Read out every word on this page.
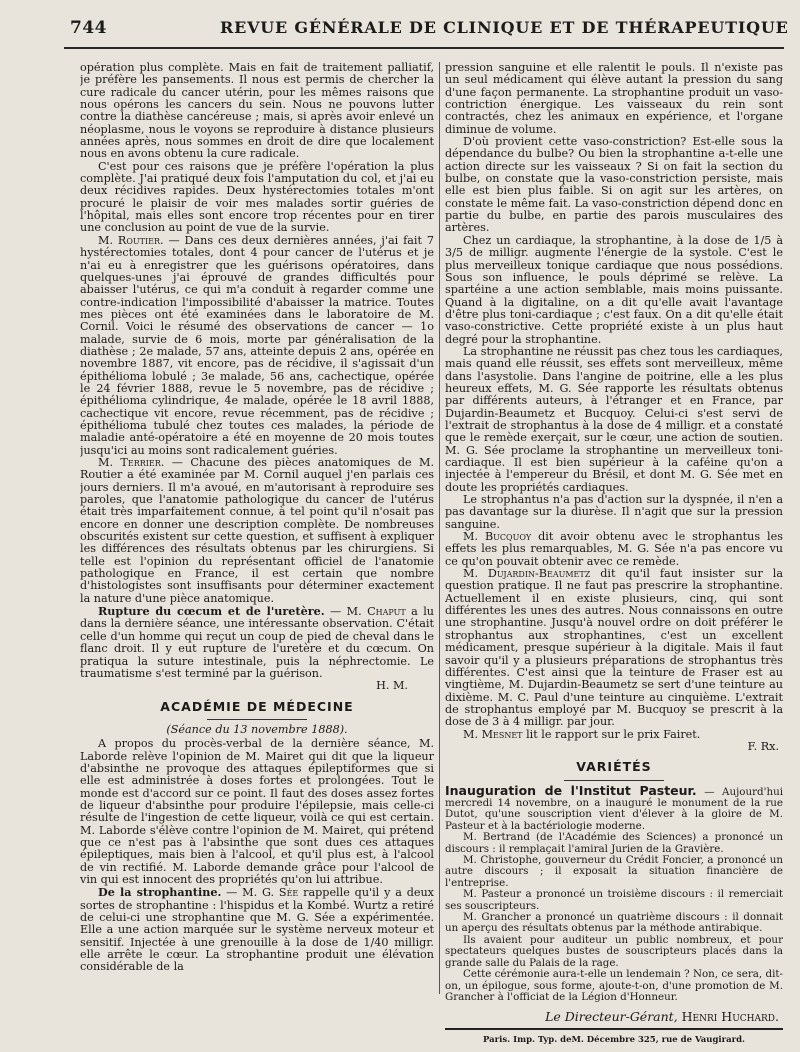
744	REVUE GÉNÉRALE DE CLINIQUE ET DE THÉRAPEUTIQUE

opération plus complète. Mais en fait de traitement palliatif, je préfère les pansements. Il nous est permis de chercher la cure radicale du cancer utérin, pour les mêmes raisons que nous opérons les cancers du sein. Nous ne pouvons lutter contre la diathèse cancéreuse ; mais, si après avoir enlevé un néoplasme, nous le voyons se reproduire à distance plusieurs années après, nous sommes en droit de dire que localement nous en avons obtenu la cure radicale.

C'est pour ces raisons que je préfère l'opération la plus complète. J'ai pratiqué deux fois l'amputation du col, et j'ai eu deux récidives rapides. Deux hystérectomies totales m'ont procuré le plaisir de voir mes malades sortir guéries de l'hôpital, mais elles sont encore trop récentes pour en tirer une conclusion au point de vue de la survie.

M. Routier. — Dans ces deux dernières années, j'ai fait 7 hystérectomies totales, dont 4 pour cancer de l'utérus et je n'ai eu à enregistrer que les guérisons opératoires, dans quelques-unes j'ai éprouvé de grandes difficultés pour abaisser l'utérus, ce qui m'a conduit à regarder comme une contre-indication l'impossibilité d'abaisser la matrice. Toutes mes pièces ont été examinées dans le laboratoire de M. Cornil. Voici le résumé des observations de cancer — 1o malade, survie de 6 mois, morte par généralisation de la diathèse ; 2e malade, 57 ans, atteinte depuis 2 ans, opérée en novembre 1887, vit encore, pas de récidive, il s'agissait d'un épithélioma lobulé ; 3e malade, 56 ans, cachectique, opérée le 24 février 1888, revue le 5 novembre, pas de récidive ; épithélioma cylindrique, 4e malade, opérée le 18 avril 1888, cachectique vit encore, revue récemment, pas de récidive ; épithélioma tubulé chez toutes ces malades, la période de maladie anté-opératoire a été en moyenne de 20 mois toutes jusqu'ici au moins sont radicalement guéries.

M. Terrier. — Chacune des pièces anatomiques de M. Routier a été examinée par M. Cornil auquel j'en parlais ces jours derniers. Il m'a avoué, en m'autorisant à reproduire ses paroles, que l'anatomie pathologique du cancer de l'utérus était très imparfaitement connue, à tel point qu'il n'osait pas encore en donner une description complète. De nombreuses obscurités existent sur cette question, et suffisent à expliquer les différences des résultats obtenus par les chirurgiens. Si telle est l'opinion du représentant officiel de l'anatomie pathologique en France, il est certain que nombre d'histologistes sont insuffisants pour déterminer exactement la nature d'une pièce anatomique.

Rupture du cœcum et de l'uretère. — M. Chaput a lu dans la dernière séance, une intéressante observation. C'était celle d'un homme qui reçut un coup de pied de cheval dans le flanc droit. Il y eut rupture de l'uretère et du cœcum. On pratiqua la suture intestinale, puis la néphrectomie. Le traumatisme s'est terminé par la guérison.

H. M.
ACADÉMIE DE MÉDECINE
(Séance du 13 novembre 1888).

A propos du procès-verbal de la dernière séance, M. Laborde relève l'opinion de M. Mairet qui dit que la liqueur d'absinthe ne provoque des attaques épileptiformes que si elle est administrée à doses fortes et prolongées. Tout le monde est d'accord sur ce point. Il faut des doses assez fortes de liqueur d'absinthe pour produire l'épilepsie, mais celle-ci résulte de l'ingestion de cette liqueur, voilà ce qui est certain. M. Laborde s'élève contre l'opinion de M. Mairet, qui prétend que ce n'est pas à l'absinthe que sont dues ces attaques épileptiques, mais bien à l'alcool, et qu'il plus est, à l'alcool de vin rectifié. M. Laborde demande grâce pour l'alcool de vin qui est innocent des propriétés qu'on lui attribue.

De la strophantine. — M. G. Sée rappelle qu'il y a deux sortes de strophantine : l'hispidus et la Kombé. Wurtz a retiré de celui-ci une strophantine que M. G. Sée a expérimentée. Elle a une action marquée sur le système nerveux moteur et sensitif. Injectée à une grenouille à la dose de 1/40 milligr. elle arrête le cœur. La strophantine produit une élévation considérable de la

pression sanguine et elle ralentit le pouls. Il n'existe pas un seul médicament qui élève autant la pression du sang d'une façon permanente. La strophantine produit un vaso-contriction énergique. Les vaisseaux du rein sont contractés, chez les animaux en expérience, et l'organe diminue de volume.

D'où provient cette vaso-constriction? Est-elle sous la dépendance du bulbe? Ou bien la strophantine a-t-elle une action directe sur les vaisseaux ? Si on fait la section du bulbe, on constate que la vaso-constriction persiste, mais elle est bien plus faible. Si on agit sur les artères, on constate le même fait. La vaso-constriction dépend donc en partie du bulbe, en partie des parois musculaires des artères.

Chez un cardiaque, la strophantine, à la dose de 1/5 à 3/5 de milligr. augmente l'énergie de la systole. C'est le plus merveilleux tonique cardiaque que nous possédions. Sous son influence, le pouls déprimé se relève. La spartéine a une action semblable, mais moins puissante. Quand à la digitaline, on a dit qu'elle avait l'avantage d'être plus toni-cardiaque ; c'est faux. On a dit qu'elle était vaso-constrictive. Cette propriété existe à un plus haut degré pour la strophantine.

La strophantine ne réussit pas chez tous les cardiaques, mais quand elle réussit, ses effets sont merveilleux, même dans l'asystolie. Dans l'angine de poitrine, elle a les plus heureux effets, M. G. Sée rapporte les résultats obtenus par différents auteurs, à l'étranger et en France, par Dujardin-Beaumetz et Bucquoy. Celui-ci s'est servi de l'extrait de strophantus à la dose de 4 milligr. et a constaté que le remède exerçait, sur le cœur, une action de soutien. M. G. Sée proclame la strophantine un merveilleux toni-cardiaque. Il est bien supérieur à la caféine qu'on a injectée à l'empereur du Brésil, et dont M. G. Sée met en doute les propriétés cardiaques.

Le strophantus n'a pas d'action sur la dyspnée, il n'en a pas davantage sur la diurèse. Il n'agit que sur la pression sanguine.

M. Bucquoy dit avoir obtenu avec le strophantus les effets les plus remarquables, M. G. Sée n'a pas encore vu ce qu'on pouvait obtenir avec ce remède.

M. Dujardin-Beaumetz dit qu'il faut insister sur la question pratique. Il ne faut pas prescrire la strophantine. Actuellement il en existe plusieurs, cinq, qui sont différentes les unes des autres. Nous connaissons en outre une strophantine. Jusqu'à nouvel ordre on doit préférer le strophantus aux strophantines, c'est un excellent médicament, presque supérieur à la digitale. Mais il faut savoir qu'il y a plusieurs préparations de strophantus très différentes. C'est ainsi que la teinture de Fraser est au vingtième, M. Dujardin-Beaumetz se sert d'une teinture au dixième. M. C. Paul d'une teinture au cinquième. L'extrait de strophantus employé par M. Bucquoy se prescrit à la dose de 3 à 4 milligr. par jour.

M. Mesnet lit le rapport sur le prix Fairet.

F. Rx.
VARIÉTÉS

Inauguration de l'Institut Pasteur. — Aujourd'hui mercredi 14 novembre, on a inauguré le monument de la rue Dutot, qu'une souscription vient d'élever à la gloire de M. Pasteur et à la bactériologie moderne.

M. Bertrand (de l'Académie des Sciences) a prononcé un discours : il remplaçait l'amiral Jurien de la Gravière.

M. Christophe, gouverneur du Crédit Foncier, a prononcé un autre discours ; il exposait la situation financière de l'entreprise.

M. Pasteur a prononcé un troisième discours : il remerciait ses souscripteurs.

M. Grancher a prononcé un quatrième discours : il donnait un aperçu des résultats obtenus par la méthode antirabique.

Ils avaient pour auditeur un public nombreux, et pour spectateurs quelques bustes de souscripteurs placés dans la grande salle du Palais de la rage.

Cette cérémonie aura-t-elle un lendemain ? Non, ce sera, dit-on, un épilogue, sous forme, ajoute-t-on, d'une promotion de M. Grancher à l'officiat de la Légion d'Honneur.

Le Directeur-Gérant, Henri Huchard.
Paris. Imp. Typ. deM. Décembre 325, rue de Vaugirard.
